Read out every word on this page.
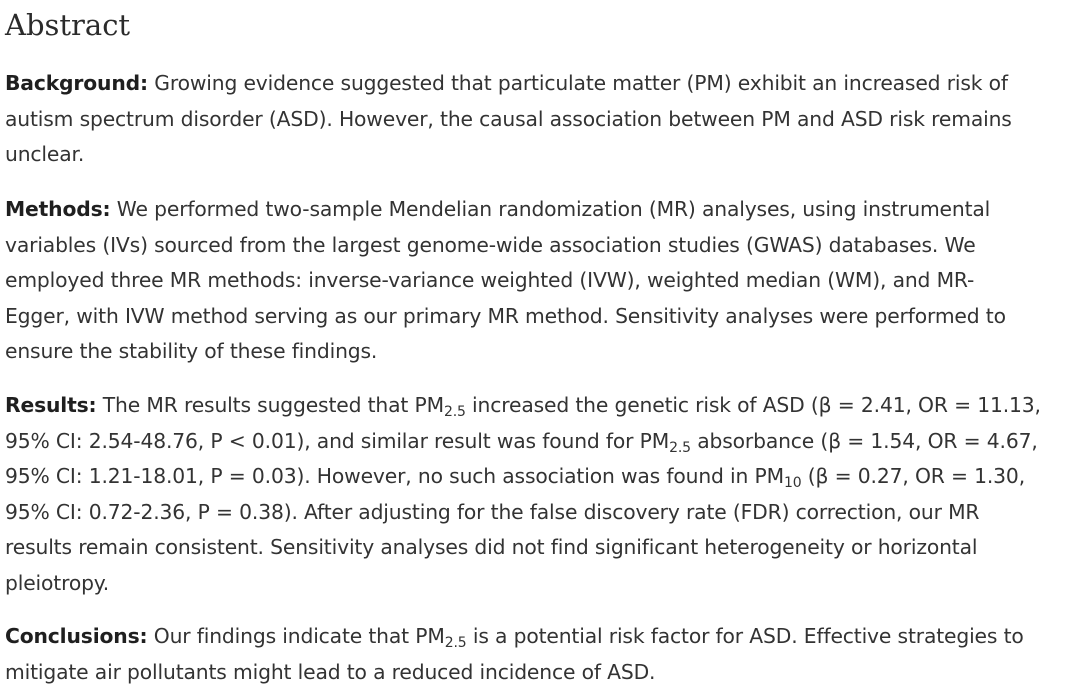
Abstract

Background: Growing evidence suggested that particulate matter (PM) exhibit an increased risk of
autism spectrum disorder (ASD). However, the causal association between PM and ASD risk remains
unclear.

Methods: We performed two-sample Mendelian randomization (MR) analyses, using instrumental
variables (IVs) sourced from the largest genome-wide association studies (GWAS) databases. We
employed three MR methods: inverse-variance weighted (IVW), weighted median (WM), and MR-
Egger, with IVW method serving as our primary MR method. Sensitivity analyses were performed to
ensure the stability of these findings.

Results: The MR results suggested that $PM_{2.5}$ increased the genetic risk of ASD (β = 2.41, OR = 11.13,
95% CI: 2.54-48.76, P < 0.01), and similar result was found for $PM_{2.5}$ absorbance (β = 1.54, OR = 4.67,
95% CI: 1.21-18.01, P = 0.03). However, no such association was found in $PM_{10}$ (β = 0.27, OR = 1.30,
95% CI: 0.72-2.36, P = 0.38). After adjusting for the false discovery rate (FDR) correction, our MR
results remain consistent. Sensitivity analyses did not find significant heterogeneity or horizontal
pleiotropy.

Conclusions: Our findings indicate that $PM_{2.5}$ is a potential risk factor for ASD. Effective strategies to
mitigate air pollutants might lead to a reduced incidence of ASD.
